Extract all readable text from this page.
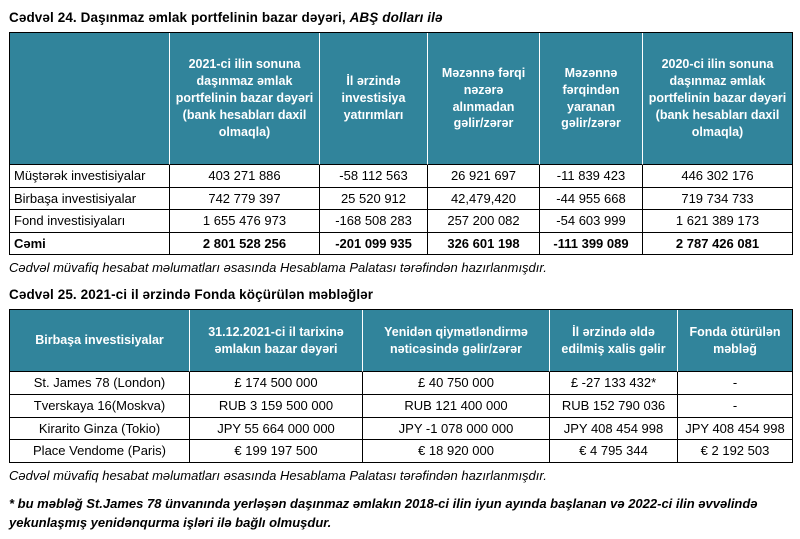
Cədvəl 24. Daşınmaz əmlak portfelinin bazar dəyəri, ABŞ dolları ilə
	2021-ci ilin sonuna daşınmaz əmlak portfelinin bazar dəyəri (bank hesabları daxil olmaqla)	İl ərzində investisiya yatırımları	Məzənnə fərqi nəzərə alınmadan gəlir/zərər	Məzənnə fərqindən yaranan gəlir/zərər	2020-ci ilin sonuna daşınmaz əmlak portfelinin bazar dəyəri (bank hesabları daxil olmaqla)
Müştərək investisiyalar	403 271 886	-58 112 563	26 921 697	-11 839 423	446 302 176
Birbaşa investisiyalar	742 779 397	25 520 912	42,479,420	-44 955 668	719 734 733
Fond investisiyaları	1 655 476 973	-168 508 283	257 200 082	-54 603 999	1 621 389 173
Cəmi	2 801 528 256	-201 099 935	326 601 198	-111 399 089	2 787 426 081

Cədvəl müvafiq hesabat məlumatları əsasında Hesablama Palatası tərəfindən hazırlanmışdır.

Cədvəl 25. 2021-ci il ərzində Fonda köçürülən məbləğlər
Birbaşa investisiyalar	31.12.2021-ci il tarixinə əmlakın bazar dəyəri	Yenidən qiymətləndirmə nəticəsində gəlir/zərər	İl ərzində əldə edilmiş xalis gəlir	Fonda ötürülən məbləğ
St. James 78 (London)	£ 174 500 000	£ 40 750 000	£ -27 133 432*	-
Tverskaya 16(Moskva)	RUB 3 159 500 000	RUB 121 400 000	RUB 152 790 036	-
Kirarito Ginza (Tokio)	JPY 55 664 000 000	JPY -1 078 000 000	JPY 408 454 998	JPY 408 454 998
Place Vendome (Paris)	€ 199 197 500	€ 18 920 000	€ 4 795 344	€ 2 192 503

Cədvəl müvafiq hesabat məlumatları əsasında Hesablama Palatası tərəfindən hazırlanmışdır.

* bu məbləğ St.James 78 ünvanında yerləşən daşınmaz əmlakın 2018-ci ilin iyun ayında başlanan və 2022-ci ilin əvvəlində yekunlaşmış yenidənqurma işləri ilə bağlı olmuşdur.
